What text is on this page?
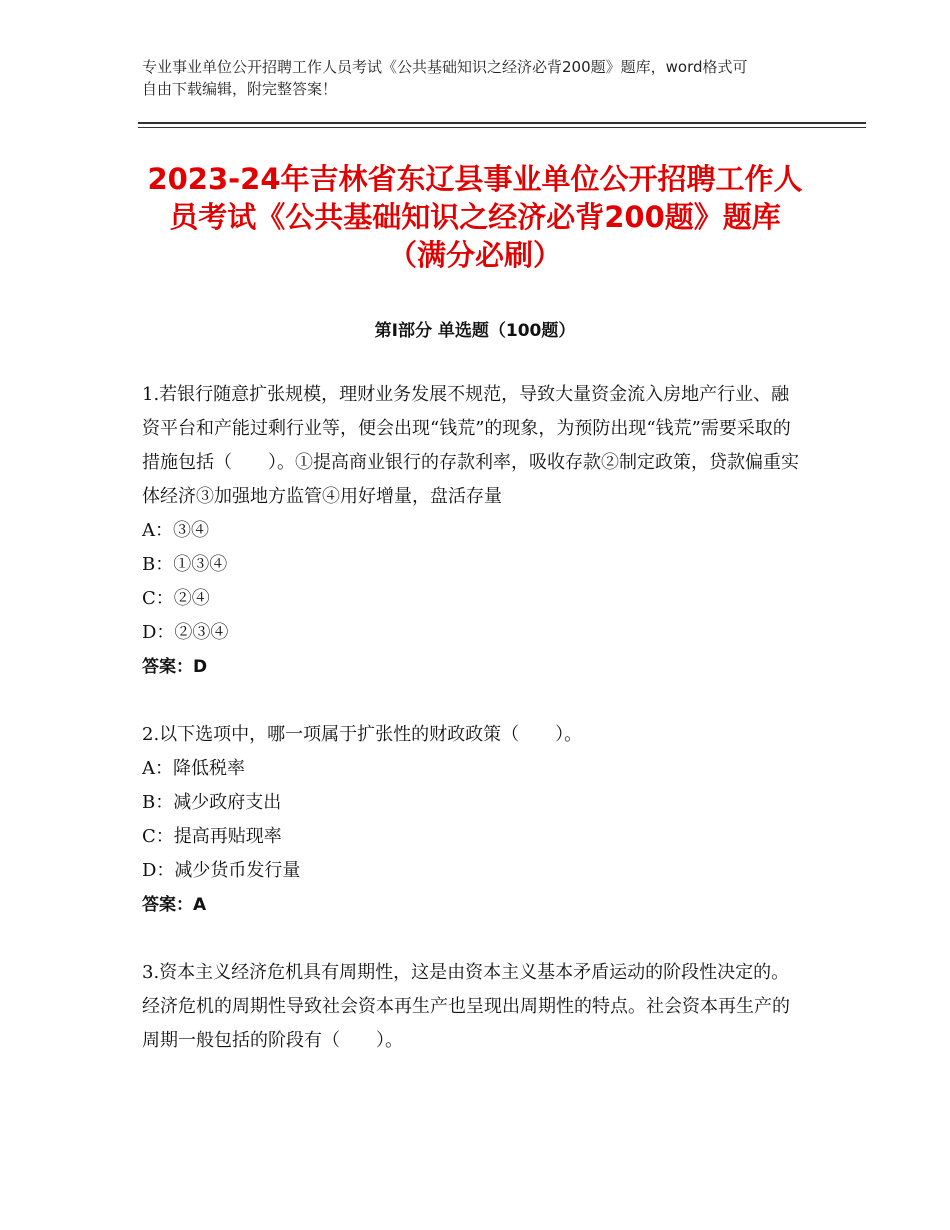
专业事业单位公开招聘工作人员考试《公共基础知识之经济必背200题》题库，word格式可自由下载编辑，附完整答案！
2023-24年吉林省东辽县事业单位公开招聘工作人员考试《公共基础知识之经济必背200题》题库（满分必刷）
第Ⅰ部分 单选题（100题）

1.若银行随意扩张规模，理财业务发展不规范，导致大量资金流入房地产行业、融资平台和产能过剩行业等，便会出现“钱荒”的现象，为预防出现“钱荒”需要采取的措施包括（　　）。①提高商业银行的存款利率，吸收存款②制定政策，贷款偏重实体经济③加强地方监管④用好增量，盘活存量

A：③④

B：①③④

C：②④

D：②③④

答案：D

2.以下选项中，哪一项属于扩张性的财政政策（　　）。

A：降低税率

B：减少政府支出

C：提高再贴现率

D：减少货币发行量

答案：A

3.资本主义经济危机具有周期性，这是由资本主义基本矛盾运动的阶段性决定的。经济危机的周期性导致社会资本再生产也呈现出周期性的特点。社会资本再生产的周期一般包括的阶段有（　　）。
